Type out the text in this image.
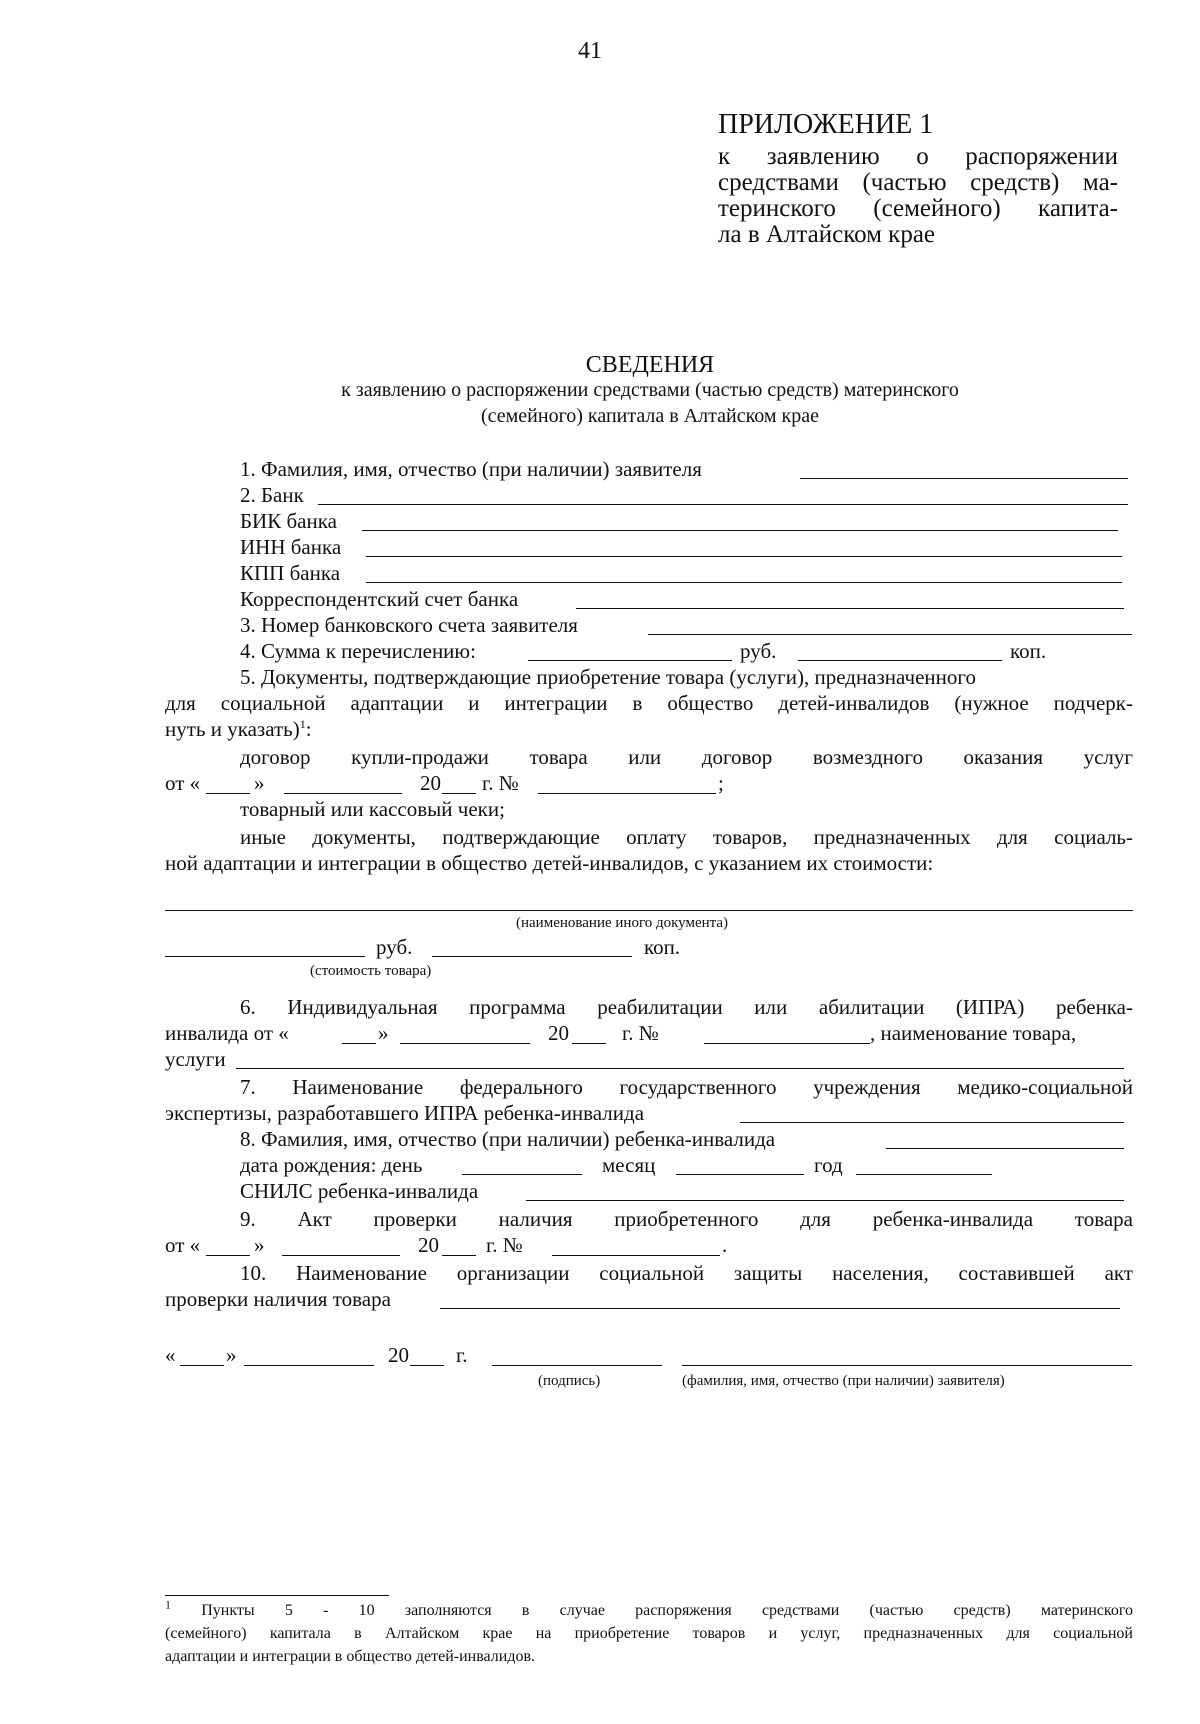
41
ПРИЛОЖЕНИЕ 1
к заявлению о распоряжении
средствами (частью средств) ма-
теринского (семейного) капита-
ла в Алтайском крае
СВЕДЕНИЯ
к заявлению о распоряжении средствами (частью средств) материнского
(семейного) капитала в Алтайском крае
1. Фамилия, имя, отчество (при наличии) заявителя
2. Банк
БИК банка
ИНН банка
КПП банка
Корреспондентский счет банка
3. Номер банковского счета заявителя
4. Сумма к перечислению:	руб.	коп.
5. Документы, подтверждающие приобретение товара (услуги), предназначенного
для социальной адаптации и интеграции в общество детей-инвалидов (нужное подчерк-
нуть и указать)$^1$:
договор купли-продажи товара или договор возмездного оказания услуг
от «	»	20 г. №	;
товарный или кассовый чеки;
иные документы, подтверждающие оплату товаров, предназначенных для социаль-
ной адаптации и интеграции в общество детей-инвалидов, с указанием их стоимости:
(наименование иного документа)
руб.	коп.
(стоимость товара)
6. Индивидуальная программа реабилитации или абилитации (ИПРА) ребенка-
инвалида от «	»	20	г. №	, наименование товара,
услуги
7. Наименование федерального государственного учреждения медико-социальной
экспертизы, разработавшего ИПРА ребенка-инвалида
8. Фамилия, имя, отчество (при наличии) ребенка-инвалида
дата рождения: день	месяц	год
СНИЛС ребенка-инвалида
9. Акт проверки наличия приобретенного для ребенка-инвалида товара
от «	»	20 г. №	.
10. Наименование организации социальной защиты населения, составившей акт
проверки наличия товара
« »	20 г.
(подпись)	(фамилия, имя, отчество (при наличии) заявителя)
$^1$ Пункты 5 - 10 заполняются в случае распоряжения средствами (частью средств) материнского
(семейного) капитала в Алтайском крае на приобретение товаров и услуг, предназначенных для социальной
адаптации и интеграции в общество детей-инвалидов.
